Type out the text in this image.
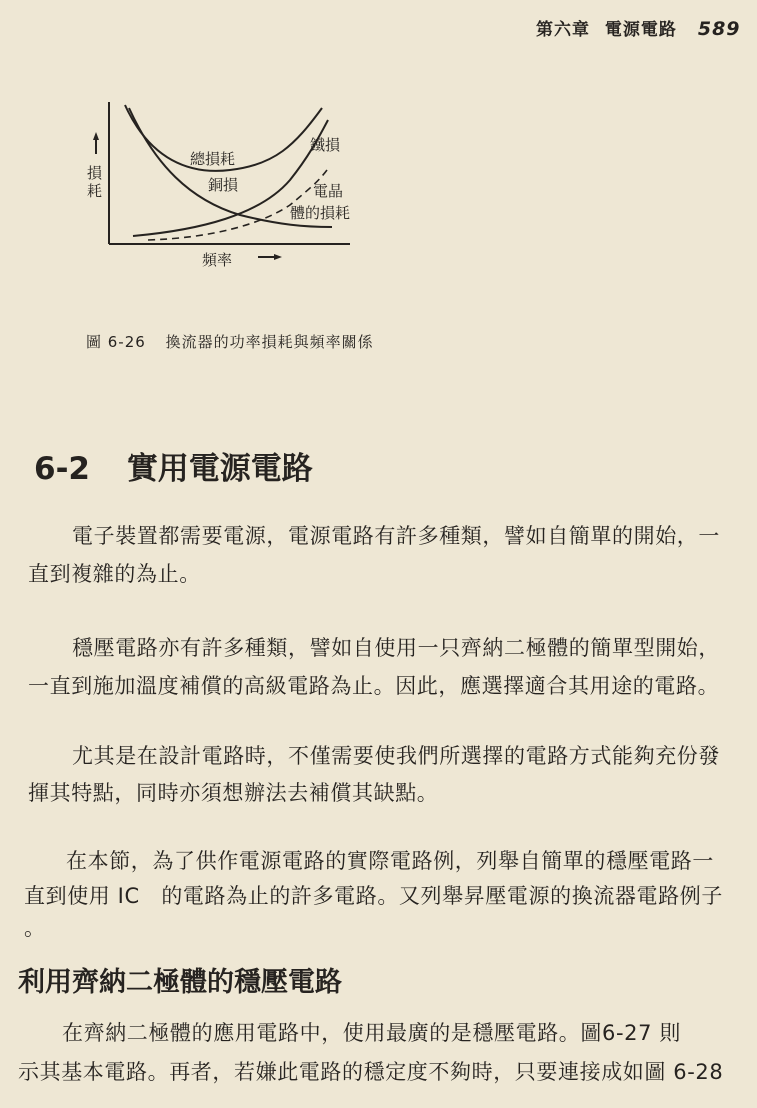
第六章 電源電路 589
損
耗
總損耗
鐵損
銅損	電晶
體的損耗
頻率
圖 6-26 換流器的功率損耗與頻率關係
6-2 實用電源電路
電子裝置都需要電源，電源電路有許多種類，譬如自簡單的開始，一
直到複雜的為止。
穩壓電路亦有許多種類，譬如自使用一只齊納二極體的簡單型開始，
一直到施加溫度補償的高級電路為止。因此，應選擇適合其用途的電路。
尤其是在設計電路時，不僅需要使我們所選擇的電路方式能夠充份發
揮其特點，同時亦須想辦法去補償其缺點。
在本節，為了供作電源電路的實際電路例，列舉自簡單的穩壓電路一
直到使用 IC　的電路為止的許多電路。又列舉昇壓電源的換流器電路例子
。
利用齊納二極體的穩壓電路
在齊納二極體的應用電路中，使用最廣的是穩壓電路。圖6-27 則
示其基本電路。再者，若嫌此電路的穩定度不夠時，只要連接成如圖 6-28
